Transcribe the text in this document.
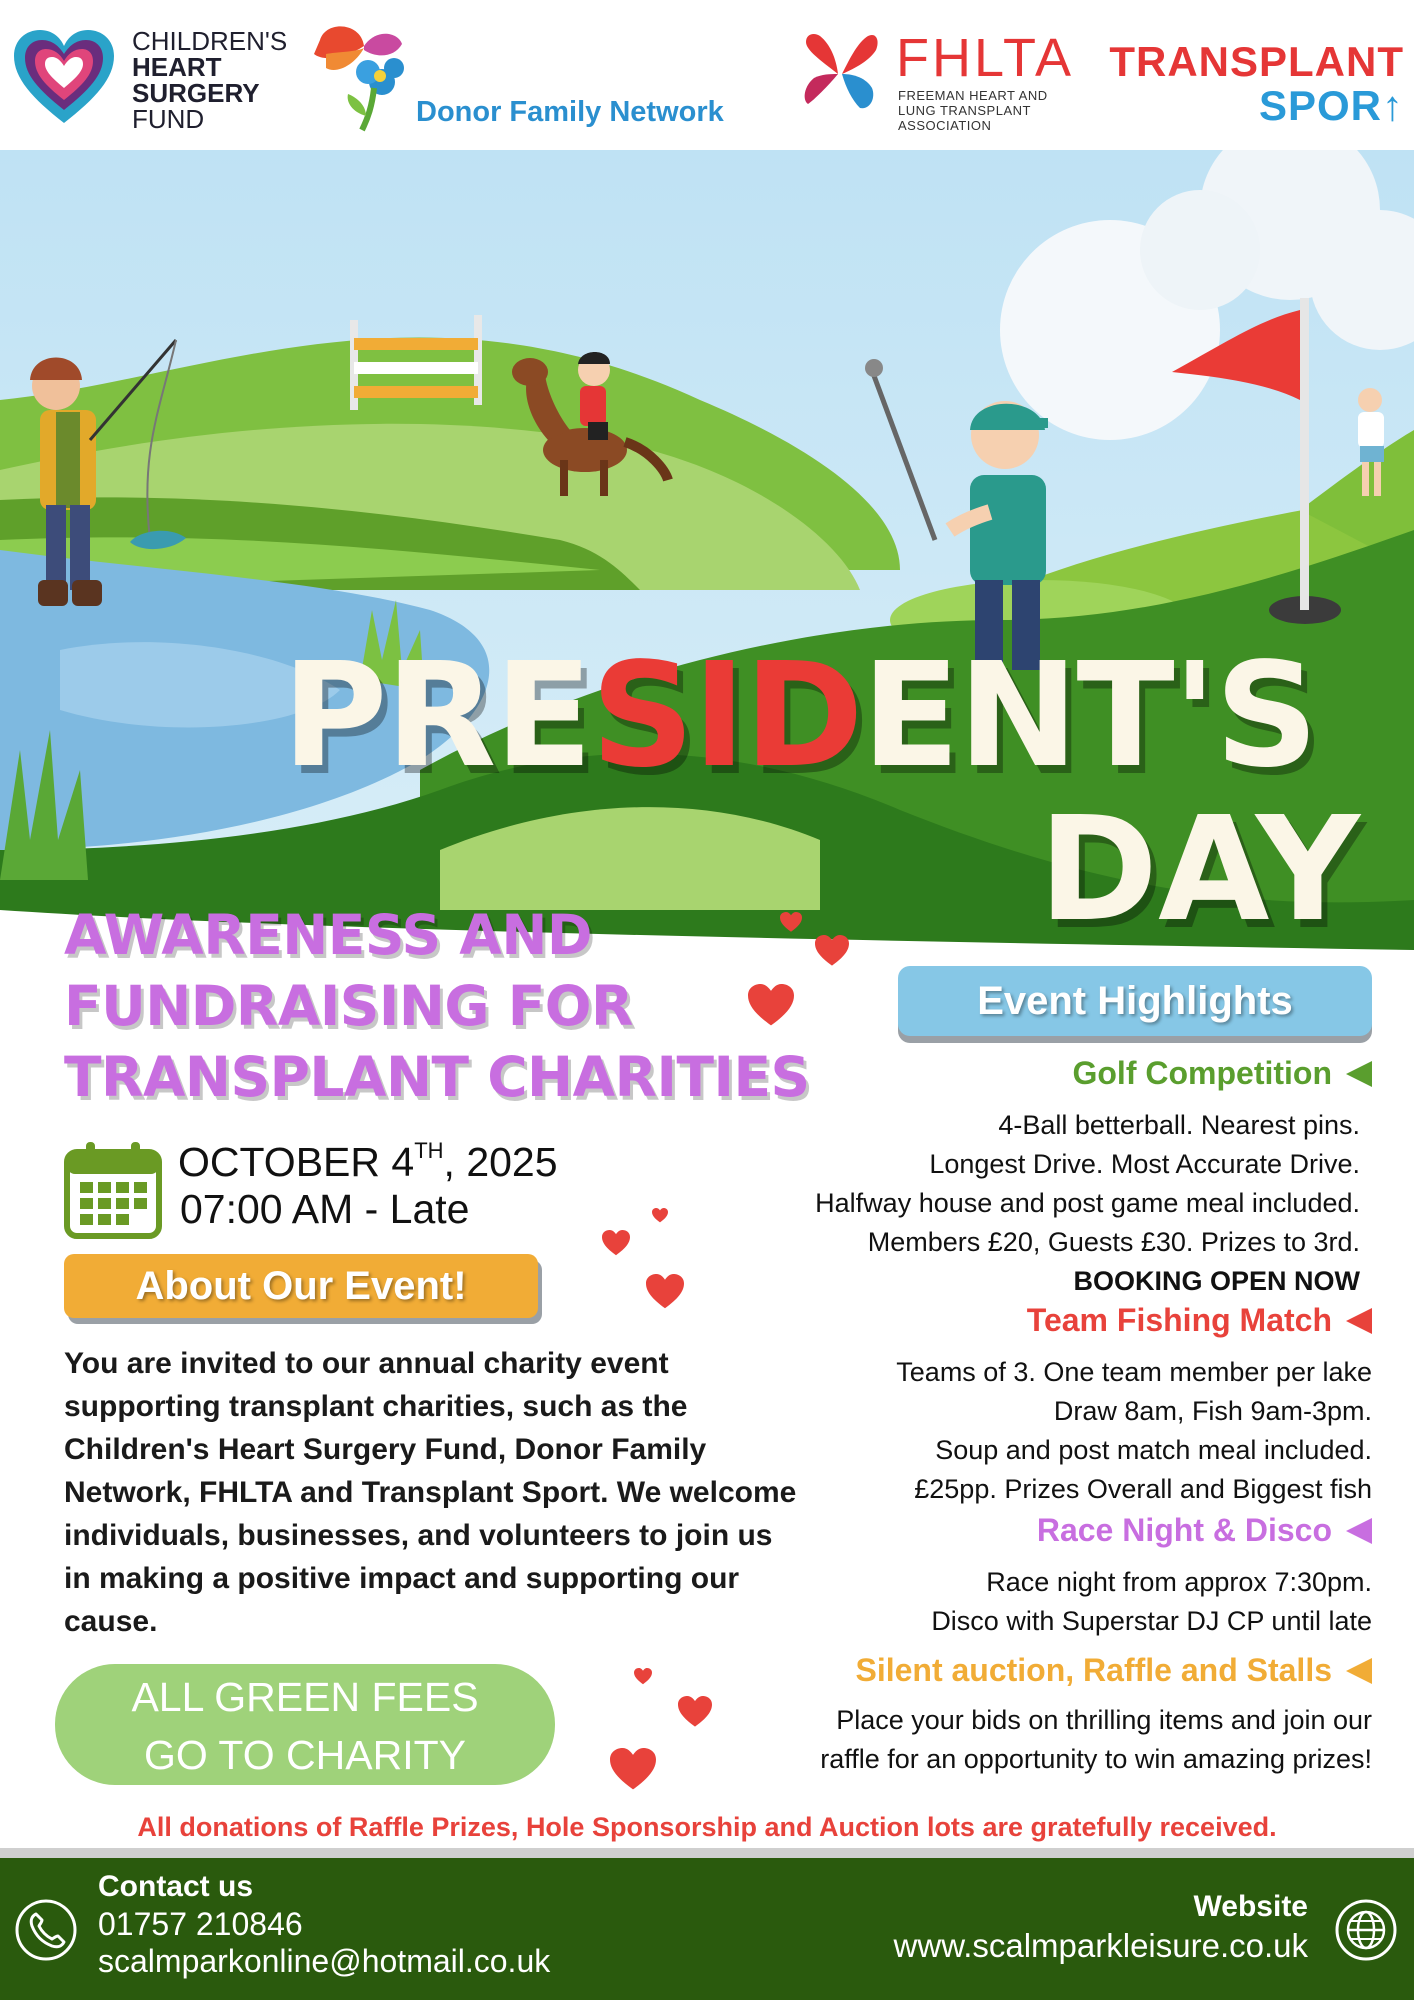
CHILDREN'S
HEART
SURGERY
FUND	Donor Family Network
FHLTA
FREEMAN HEART AND
LUNG TRANSPLANT
ASSOCIATION
TRANSPLANT
SPOR↑
PRESIDENT'S
DAY
AWARENESS AND
FUNDRAISING FOR
TRANSPLANT CHARITIES
OCTOBER 4TH, 2025
07:00 AM - Late
About Our Event!
You are invited to our annual charity event supporting transplant charities, such as the Children's Heart Surgery Fund, Donor Family Network, FHLTA and Transplant Sport. We welcome individuals, businesses, and volunteers to join us in making a positive impact and supporting our cause.
ALL GREEN FEES
GO TO CHARITY
Event Highlights
Golf Competition
4-Ball betterball. Nearest pins.
Longest Drive. Most Accurate Drive.
Halfway house and post game meal included.
Members £20, Guests £30. Prizes to 3rd.
BOOKING OPEN NOW
Team Fishing Match
Teams of 3. One team member per lake
Draw 8am, Fish 9am-3pm.
Soup and post match meal included.
£25pp. Prizes Overall and Biggest fish
Race Night & Disco
Race night from approx 7:30pm.
Disco with Superstar DJ CP until late
Silent auction, Raffle and Stalls
Place your bids on thrilling items and join our
raffle for an opportunity to win amazing prizes!
All donations of Raffle Prizes, Hole Sponsorship and Auction lots are gratefully received.
Contact us
01757 210846
scalmparkonline@hotmail.co.uk
Website
www.scalmparkleisure.co.uk
